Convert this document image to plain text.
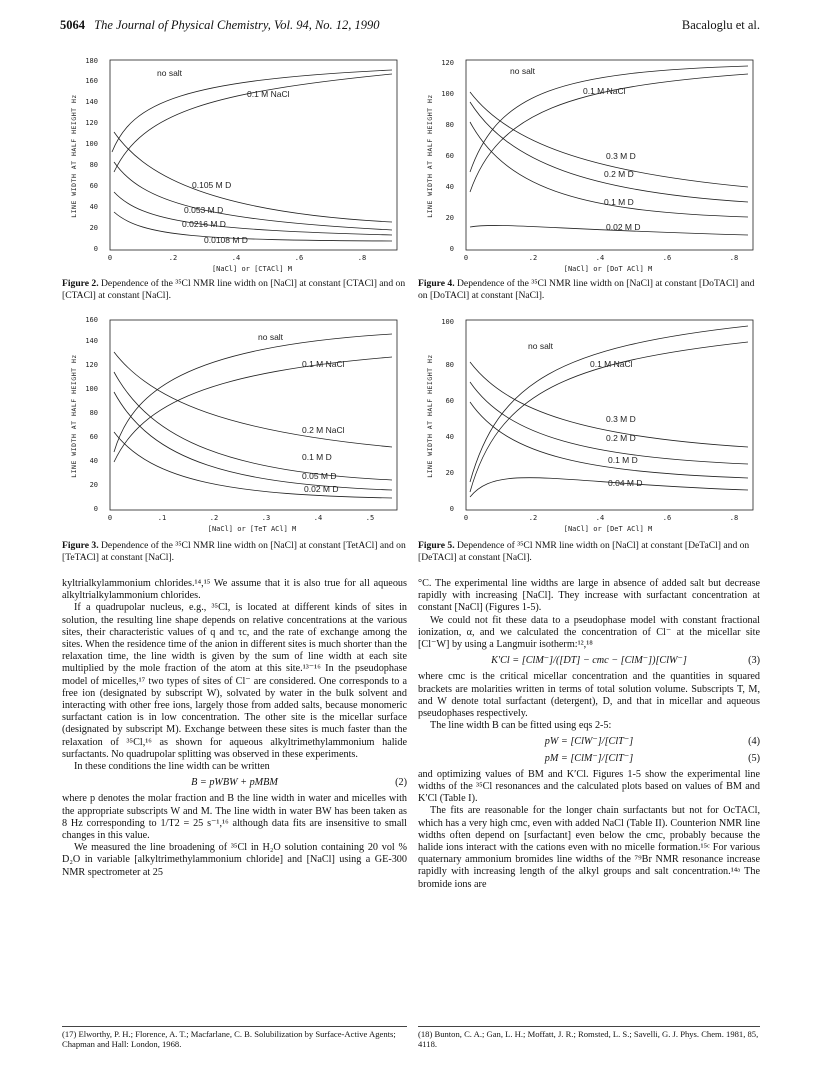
5064 The Journal of Physical Chemistry, Vol. 94, No. 12, 1990	Bacaloglu et al.
0
20
40
60
80
100
120
140
160
180
0	.2	.4	.6	.8
[NaCl] or [CTACl] M
LINE WIDTH AT HALF HEIGHT Hz
no salt
0.1 M NaCl
0.105 M D
0.053 M D
0.0216 M D
0.0108 M D
Figure 2. Dependence of the ³⁵Cl NMR line width on [NaCl] at constant [CTACl] and on [CTACl] at constant [NaCl].
0
20
40
60
80
100
120
0	.2	.4	.6	.8
[NaCl] or [DoT ACl] M
LINE WIDTH AT HALF HEIGHT Hz
no salt
0.1 M NaCl
0.3 M D
0.2 M D
0.1 M D
0.02 M D
Figure 4. Dependence of the ³⁵Cl NMR line width on [NaCl] at constant [DoTACl] and on [DoTACl] at constant [NaCl].
0
20
40
60
80
100
120
140
160
0	.1	.2	.3	.4	.5
[NaCl] or [TeT ACl] M
LINE WIDTH AT HALF HEIGHT Hz
no salt
0.1 M NaCl
0.2 M NaCl
0.1 M D
0.05 M D
0.02 M D
Figure 3. Dependence of the ³⁵Cl NMR line width on [NaCl] at constant [TetACl] and on [TeTACl] at constant [NaCl].
0
20
40
60
80
100
0	.2	.4	.6	.8
[NaCl] or [DeT ACl] M
LINE WIDTH AT HALF HEIGHT Hz
no salt
0.1 M NaCl
0.3 M D
0.2 M D
0.1 M D
0.04 M D
Figure 5. Dependence of ³⁵Cl NMR line width on [NaCl] at constant [DeTaCl] and on [DeTACl] at constant [NaCl].

kyltrialkylammonium chlorides.¹⁴,¹⁵ We assume that it is also true for all aqueous alkyltrialkylammonium chlorides.

If a quadrupolar nucleus, e.g., ³⁵Cl, is located at different kinds of sites in solution, the resulting line shape depends on relative concentrations at the various sites, their characteristic values of q and τc, and the rate of exchange among the sites. When the residence time of the anion in different sites is much shorter than the relaxation time, the line width is given by the sum of line width at each site multiplied by the mole fraction of the atom at this site.¹³⁻¹⁶ In the pseudophase model of micelles,¹⁷ two types of sites of Cl⁻ are considered. One corresponds to a free ion (designated by subscript W), solvated by water in the bulk solvent and interacting with other free ions, largely those from added salts, because monomeric surfactant cation is in low concentration. The other site is the micellar surface (designated by subscript M). Exchange between these sites is much faster than the relaxation of ³⁵Cl,¹⁶ as shown for aqueous alkyltrimethylammonium halide surfactants. No quadrupolar splitting was observed in these experiments.

In these conditions the line width can be written

B = pWBW + pMBM	(2)

where p denotes the molar fraction and B the line width in water and micelles with the appropriate subscripts W and M. The line width in water BW has been taken as 8 Hz corresponding to 1/T2 = 25 s⁻¹,¹⁶ although data fits are insensitive to small changes in this value.

We measured the line broadening of ³⁵Cl in H₂O solution containing 20 vol % D₂O in variable [alkyltrimethylammonium chloride] and [NaCl] using a GE-300 NMR spectrometer at 25

°C. The experimental line widths are large in absence of added salt but decrease rapidly with increasing [NaCl]. They increase with surfactant concentration at constant [NaCl] (Figures 1-5).

We could not fit these data to a pseudophase model with constant fractional ionization, α, and we calculated the concentration of Cl⁻ at the micellar site [Cl⁻W] by using a Langmuir isotherm:¹²,¹⁸

K′Cl = [ClM⁻]/([DT] − cmc − [ClM⁻])[ClW⁻]	(3)

where cmc is the critical micellar concentration and the quantities in squared brackets are molarities written in terms of total solution volume. Subscripts T, M, and W denote total surfactant (detergent), D, and that in micellar and aqueous pseudophases respectively.

The line width B can be fitted using eqs 2-5:

pW = [ClW⁻]/[ClT⁻]	(4)
pM = [ClM⁻]/[ClT⁻]	(5)

and optimizing values of BM and K′Cl. Figures 1-5 show the experimental line widths of the ³⁵Cl resonances and the calculated plots based on values of BM and K′Cl (Table I).

The fits are reasonable for the longer chain surfactants but not for OcTACl, which has a very high cmc, even with added NaCl (Table II). Counterion NMR line widths often depend on [surfactant] even below the cmc, probably because the halide ions interact with the cations even with no micelle formation.¹⁵ᶜ For various quaternary ammonium bromides line widths of the ⁷⁹Br NMR resonance increase rapidly with increasing length of the alkyl groups and salt concentration.¹⁴ᵃ The bromide ions are

(17) Elworthy, P. H.; Florence, A. T.; Macfarlane, C. B. Solubilization by Surface-Active Agents; Chapman and Hall: London, 1968.
(18) Bunton, C. A.; Gan, L. H.; Moffatt, J. R.; Romsted, L. S.; Savelli, G. J. Phys. Chem. 1981, 85, 4118.
